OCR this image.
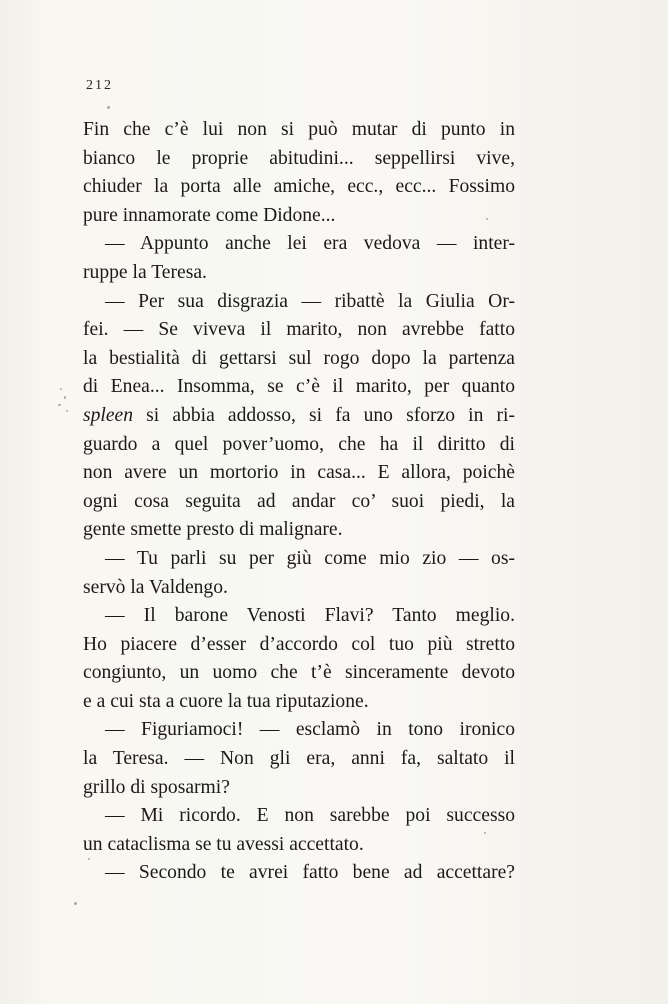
212

Fin che c’è lui non si può mutar di punto in
bianco le proprie abitudini... seppellirsi vive,
chiuder la porta alle amiche, ecc., ecc... Fossimo
pure innamorate come Didone...

— Appunto anche lei era vedova — inter-
ruppe la Teresa.

— Per sua disgrazia — ribattè la Giulia Or-
fei. — Se viveva il marito, non avrebbe fatto
la bestialità di gettarsi sul rogo dopo la partenza
di Enea... Insomma, se c’è il marito, per quanto
spleen si abbia addosso, si fa uno sforzo in ri-
guardo a quel pover’uomo, che ha il diritto di
non avere un mortorio in casa... E allora, poichè
ogni cosa seguita ad andar co’ suoi piedi, la
gente smette presto di malignare.

— Tu parli su per giù come mio zio — os-
servò la Valdengo.

— Il barone Venosti Flavi? Tanto meglio.
Ho piacere d’esser d’accordo col tuo più stretto
congiunto, un uomo che t’è sinceramente devoto
e a cui sta a cuore la tua riputazione.

— Figuriamoci! — esclamò in tono ironico
la Teresa. — Non gli era, anni fa, saltato il
grillo di sposarmi?

— Mi ricordo. E non sarebbe poi successo
un cataclisma se tu avessi accettato.

— Secondo te avrei fatto bene ad accettare?
